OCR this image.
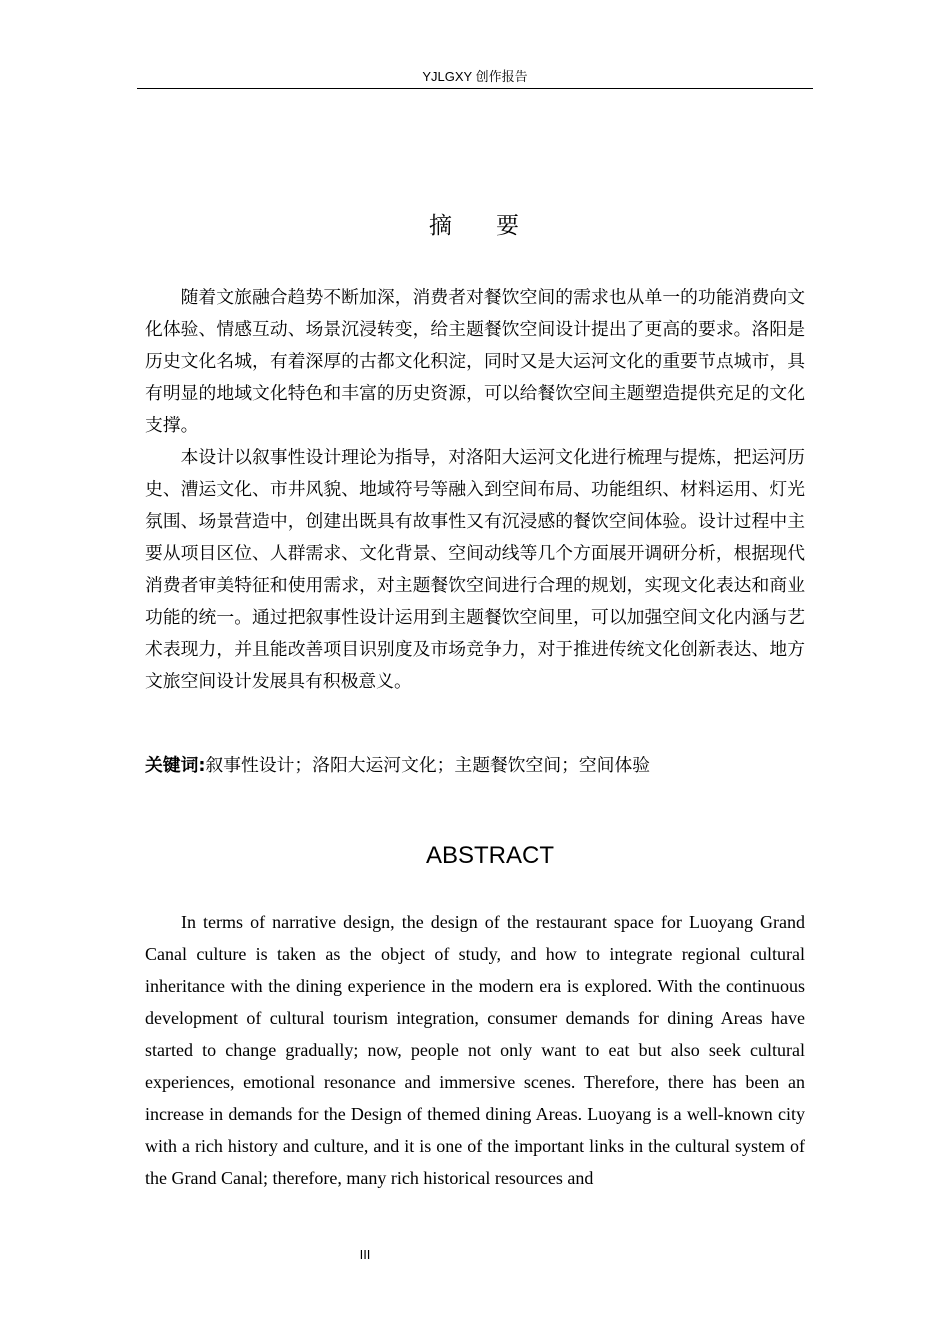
YJLGXY 创作报告
摘 要

随着文旅融合趋势不断加深，消费者对餐饮空间的需求也从单一的功能消费向文化体验、情感互动、场景沉浸转变，给主题餐饮空间设计提出了更高的要求。洛阳是历史文化名城，有着深厚的古都文化积淀，同时又是大运河文化的重要节点城市，具有明显的地域文化特色和丰富的历史资源，可以给餐饮空间主题塑造提供充足的文化支撑。

本设计以叙事性设计理论为指导，对洛阳大运河文化进行梳理与提炼，把运河历史、漕运文化、市井风貌、地域符号等融入到空间布局、功能组织、材料运用、灯光氛围、场景营造中，创建出既具有故事性又有沉浸感的餐饮空间体验。设计过程中主要从项目区位、人群需求、文化背景、空间动线等几个方面展开调研分析，根据现代消费者审美特征和使用需求，对主题餐饮空间进行合理的规划，实现文化表达和商业功能的统一。通过把叙事性设计运用到主题餐饮空间里，可以加强空间文化内涵与艺术表现力，并且能改善项目识别度及市场竞争力，对于推进传统文化创新表达、地方文旅空间设计发展具有积极意义。

关键词:叙事性设计；洛阳大运河文化；主题餐饮空间；空间体验
ABSTRACT

In terms of narrative design, the design of the restaurant space for Luoyang Grand Canal culture is taken as the object of study, and how to integrate regional cultural inheritance with the dining experience in the modern era is explored. With the continuous development of cultural tourism integration, consumer demands for dining Areas have started to change gradually; now, people not only want to eat but also seek cultural experiences, emotional resonance and immersive scenes. Therefore, there has been an increase in demands for the Design of themed dining Areas. Luoyang is a well-known city with a rich history and culture, and it is one of the important links in the cultural system of the Grand Canal; therefore, many rich historical resources and

III
